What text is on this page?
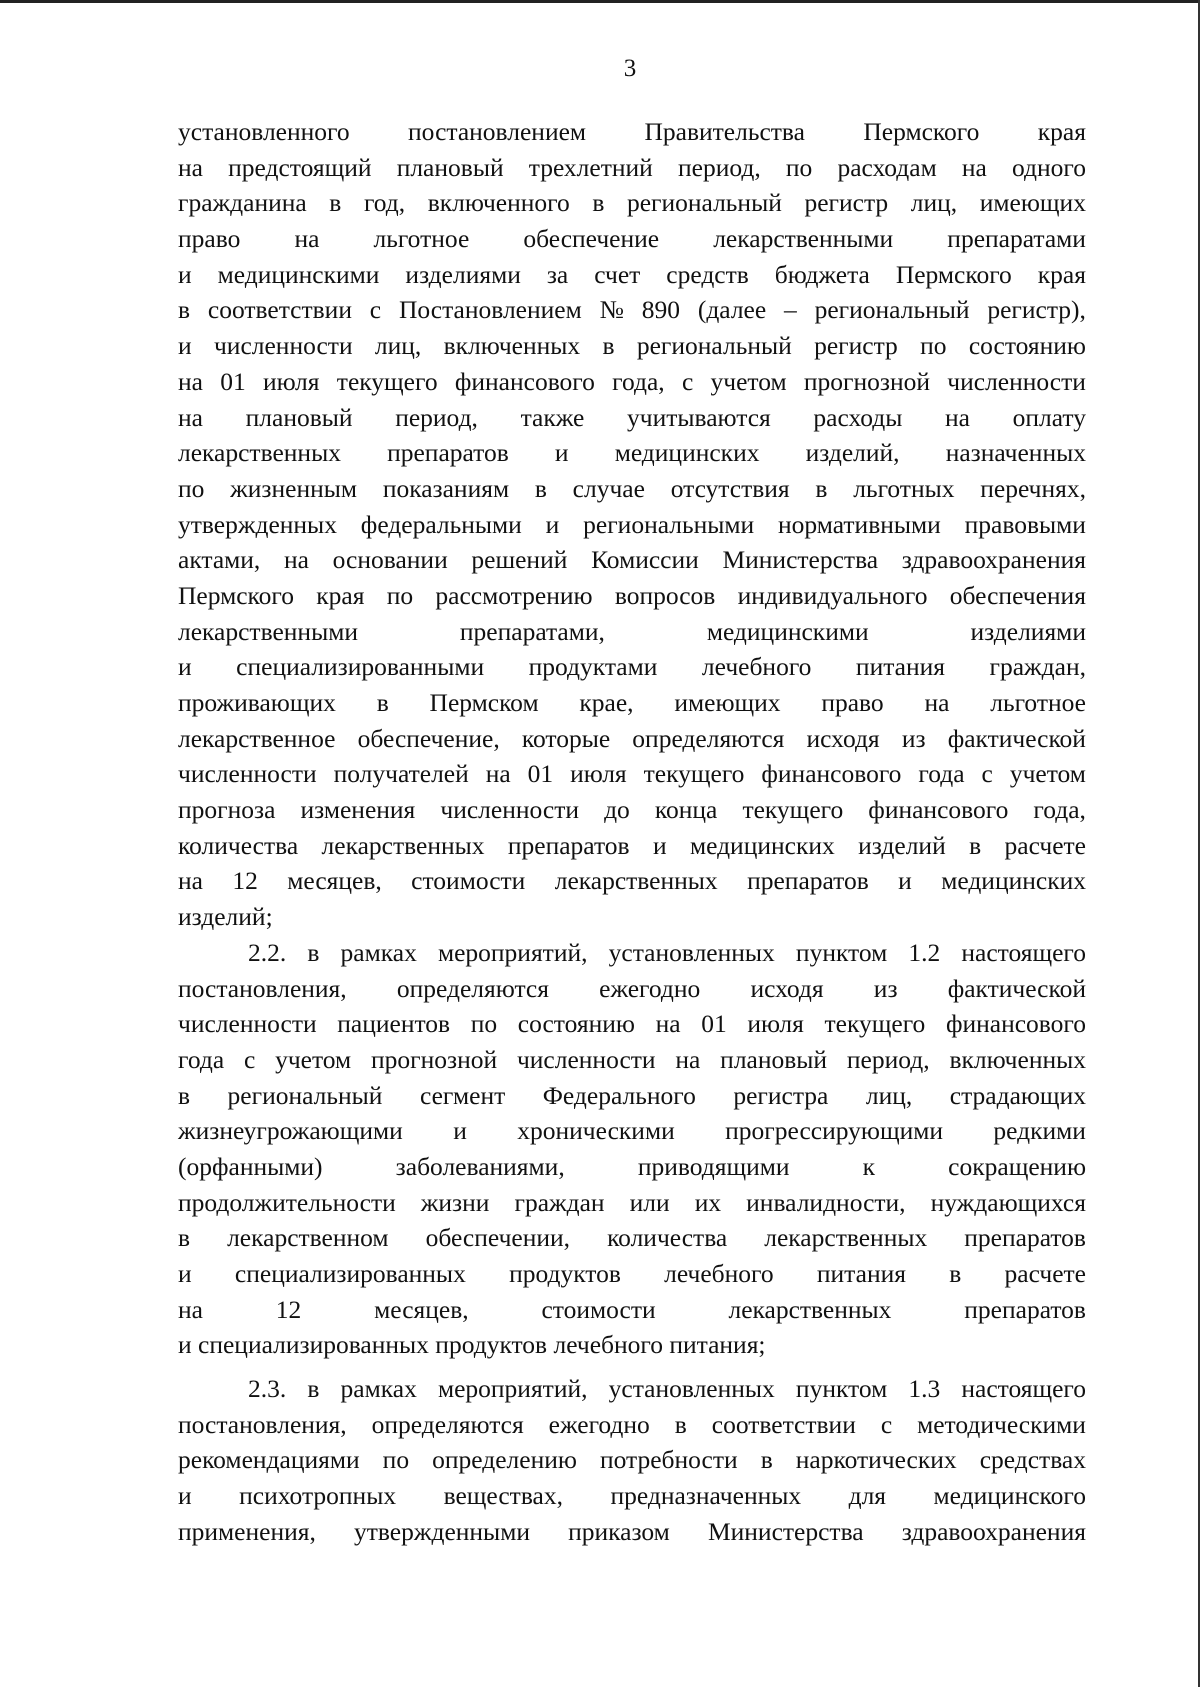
3
установленного постановлением Правительства Пермского края
на предстоящий плановый трехлетний период, по расходам на одного
гражданина в год, включенного в региональный регистр лиц, имеющих
право на льготное обеспечение лекарственными препаратами
и медицинскими изделиями за счет средств бюджета Пермского края
в соответствии с Постановлением № 890 (далее – региональный регистр),
и численности лиц, включенных в региональный регистр по состоянию
на 01 июля текущего финансового года, с учетом прогнозной численности
на плановый период, также учитываются расходы на оплату
лекарственных препаратов и медицинских изделий, назначенных
по жизненным показаниям в случае отсутствия в льготных перечнях,
утвержденных федеральными и региональными нормативными правовыми
актами, на основании решений Комиссии Министерства здравоохранения
Пермского края по рассмотрению вопросов индивидуального обеспечения
лекарственными	препаратами,	медицинскими	изделиями
и специализированными продуктами лечебного питания граждан,
проживающих в Пермском крае, имеющих право на льготное
лекарственное обеспечение, которые определяются исходя из фактической
численности получателей на 01 июля текущего финансового года с учетом
прогноза изменения численности до конца текущего финансового года,
количества лекарственных препаратов и медицинских изделий в расчете
на 12 месяцев, стоимости лекарственных препаратов и медицинских
изделий;
2.2. в рамках мероприятий, установленных пунктом 1.2 настоящего
постановления, определяются ежегодно исходя из фактической
численности пациентов по состоянию на 01 июля текущего финансового
года с учетом прогнозной численности на плановый период, включенных
в региональный сегмент Федерального регистра лиц, страдающих
жизнеугрожающими и хроническими прогрессирующими редкими
(орфанными)	заболеваниями,	приводящими	к	сокращению
продолжительности жизни граждан или их инвалидности, нуждающихся
в лекарственном обеспечении, количества лекарственных препаратов
и специализированных продуктов лечебного питания в расчете
на	12	месяцев,	стоимости	лекарственных	препаратов
и специализированных продуктов лечебного питания;
2.3. в рамках мероприятий, установленных пунктом 1.3 настоящего
постановления, определяются ежегодно в соответствии с методическими
рекомендациями по определению потребности в наркотических средствах
и психотропных веществах, предназначенных для медицинского
применения, утвержденными приказом Министерства здравоохранения
